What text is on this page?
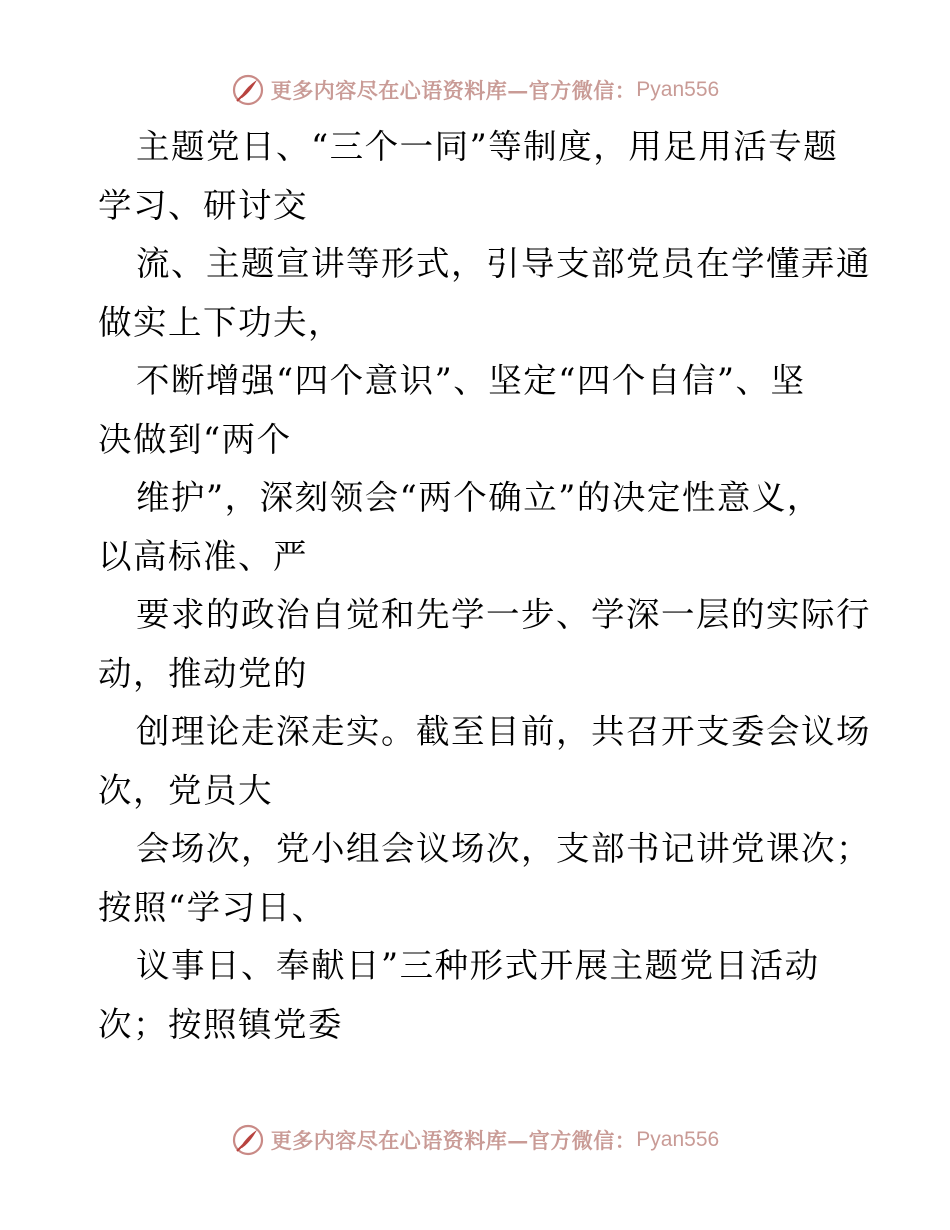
更多内容尽在心语资料库—官方微信： Pyan556
主题党日、“三个一同”等制度，用足用活专题
学习、研讨交
流、主题宣讲等形式，引导支部党员在学懂弄通
做实上下功夫，
不断增强“四个意识”、坚定“四个自信”、坚
决做到“两个
维护”，深刻领会“两个确立”的决定性意义，
以高标准、严
要求的政治自觉和先学一步、学深一层的实际行
动，推动党的
创理论走深走实。截至目前，共召开支委会议场
次，党员大
会场次，党小组会议场次，支部书记讲党课次；
按照“学习日、
议事日、奉献日”三种形式开展主题党日活动
次；按照镇党委
更多内容尽在心语资料库—官方微信： Pyan556
